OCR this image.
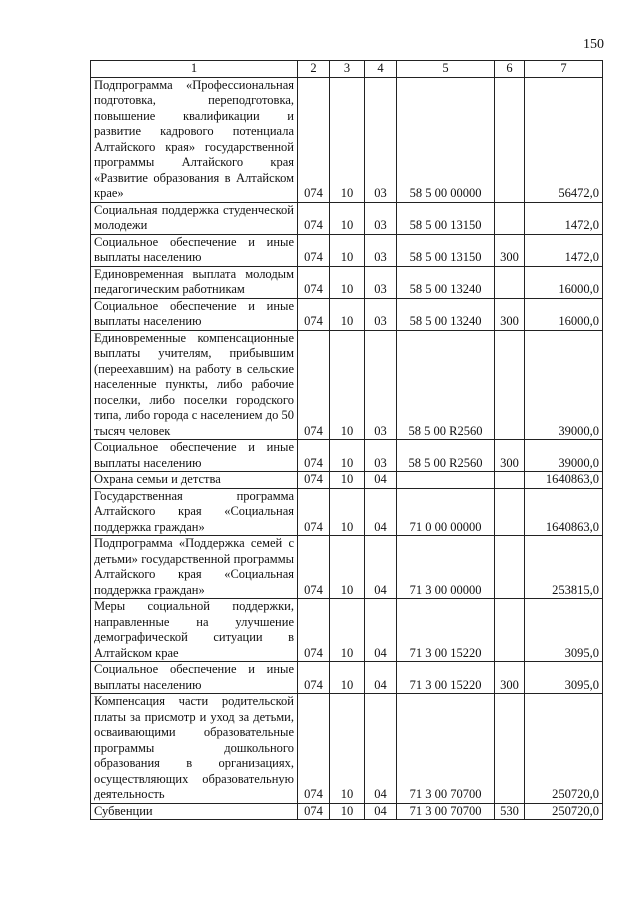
150
1	2	3	4	5	6	7
Подпрограмма «Профессиональная подготовка, переподготовка, повышение квалификации и развитие кадрового потенциала Алтайского края» государственной программы Алтайского края «Развитие образования в Алтайском крае»	074	10	03	58 5 00 00000		56472,0
Социальная поддержка студенческой молодежи	074	10	03	58 5 00 13150		1472,0
Социальное обеспечение и иные выплаты населению	074	10	03	58 5 00 13150	300	1472,0
Единовременная выплата молодым педагогическим работникам	074	10	03	58 5 00 13240		16000,0
Социальное обеспечение и иные выплаты населению	074	10	03	58 5 00 13240	300	16000,0
Единовременные компенсационные выплаты учителям, прибывшим (переехавшим) на работу в сельские населенные пункты, либо рабочие поселки, либо поселки городского типа, либо города с населением до 50 тысяч человек	074	10	03	58 5 00 R2560		39000,0
Социальное обеспечение и иные выплаты населению	074	10	03	58 5 00 R2560	300	39000,0
Охрана семьи и детства	074	10	04			1640863,0
Государственная программа Алтайского края «Социальная поддержка граждан»	074	10	04	71 0 00 00000		1640863,0
Подпрограмма «Поддержка семей с детьми» государственной программы Алтайского края «Социальная поддержка граждан»	074	10	04	71 3 00 00000		253815,0
Меры социальной поддержки, направленные на улучшение демографической ситуации в Алтайском крае	074	10	04	71 3 00 15220		3095,0
Социальное обеспечение и иные выплаты населению	074	10	04	71 3 00 15220	300	3095,0
Компенсация части родительской платы за присмотр и уход за детьми, осваивающими образовательные программы дошкольного образования в организациях, осуществляющих образовательную деятельность	074	10	04	71 3 00 70700		250720,0
Субвенции	074	10	04	71 3 00 70700	530	250720,0
